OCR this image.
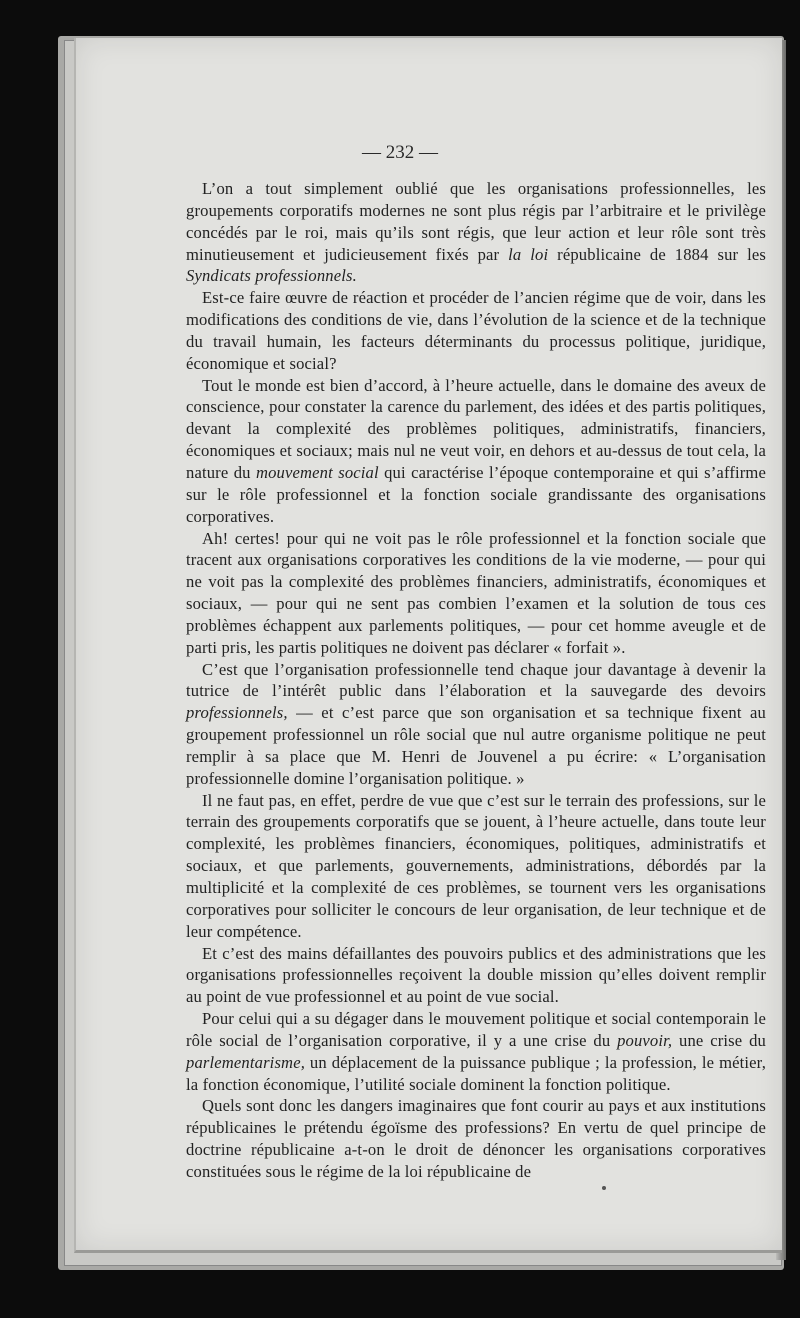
— 232 —

L’on a tout simplement oublié que les organisations professionnelles, les groupements corporatifs modernes ne sont plus régis par l’arbitraire et le privilège concédés par le roi, mais qu’ils sont régis, que leur action et leur rôle sont très minutieusement et judicieusement fixés par la loi républicaine de 1884 sur les Syndicats professionnels.

Est-ce faire œuvre de réaction et procéder de l’ancien régime que de voir, dans les modifications des conditions de vie, dans l’évolution de la science et de la technique du travail humain, les facteurs déterminants du processus politique, juridique, économique et social?

Tout le monde est bien d’accord, à l’heure actuelle, dans le domaine des aveux de conscience, pour constater la carence du parlement, des idées et des partis politiques, devant la complexité des problèmes politiques, administratifs, financiers, économiques et sociaux; mais nul ne veut voir, en dehors et au-dessus de tout cela, la nature du mouvement social qui caractérise l’époque contemporaine et qui s’affirme sur le rôle professionnel et la fonction sociale grandissante des organisations corporatives.

Ah! certes! pour qui ne voit pas le rôle professionnel et la fonction sociale que tracent aux organisations corporatives les conditions de la vie moderne, — pour qui ne voit pas la complexité des problèmes financiers, administratifs, économiques et sociaux, — pour qui ne sent pas combien l’examen et la solution de tous ces problèmes échappent aux parlements politiques, — pour cet homme aveugle et de parti pris, les partis politiques ne doivent pas déclarer « forfait ».

C’est que l’organisation professionnelle tend chaque jour davantage à devenir la tutrice de l’intérêt public dans l’élaboration et la sauvegarde des devoirs professionnels, — et c’est parce que son organisation et sa technique fixent au groupement professionnel un rôle social que nul autre organisme politique ne peut remplir à sa place que M. Henri de Jouvenel a pu écrire: « L’organisation professionnelle domine l’organisation politique. »

Il ne faut pas, en effet, perdre de vue que c’est sur le terrain des professions, sur le terrain des groupements corporatifs que se jouent, à l’heure actuelle, dans toute leur complexité, les problèmes financiers, économiques, politiques, administratifs et sociaux, et que parlements, gouvernements, administrations, débordés par la multiplicité et la complexité de ces problèmes, se tournent vers les organisations corporatives pour solliciter le concours de leur organisation, de leur technique et de leur compétence.

Et c’est des mains défaillantes des pouvoirs publics et des administrations que les organisations professionnelles reçoivent la double mission qu’elles doivent remplir au point de vue professionnel et au point de vue social.

Pour celui qui a su dégager dans le mouvement politique et social contemporain le rôle social de l’organisation corporative, il y a une crise du pouvoir, une crise du parlementarisme, un déplacement de la puissance publique ; la profession, le métier, la fonction économique, l’utilité sociale dominent la fonction politique.

Quels sont donc les dangers imaginaires que font courir au pays et aux institutions républicaines le prétendu égoïsme des professions? En vertu de quel principe de doctrine républicaine a-t-on le droit de dénoncer les organisations corporatives constituées sous le régime de la loi républicaine de
